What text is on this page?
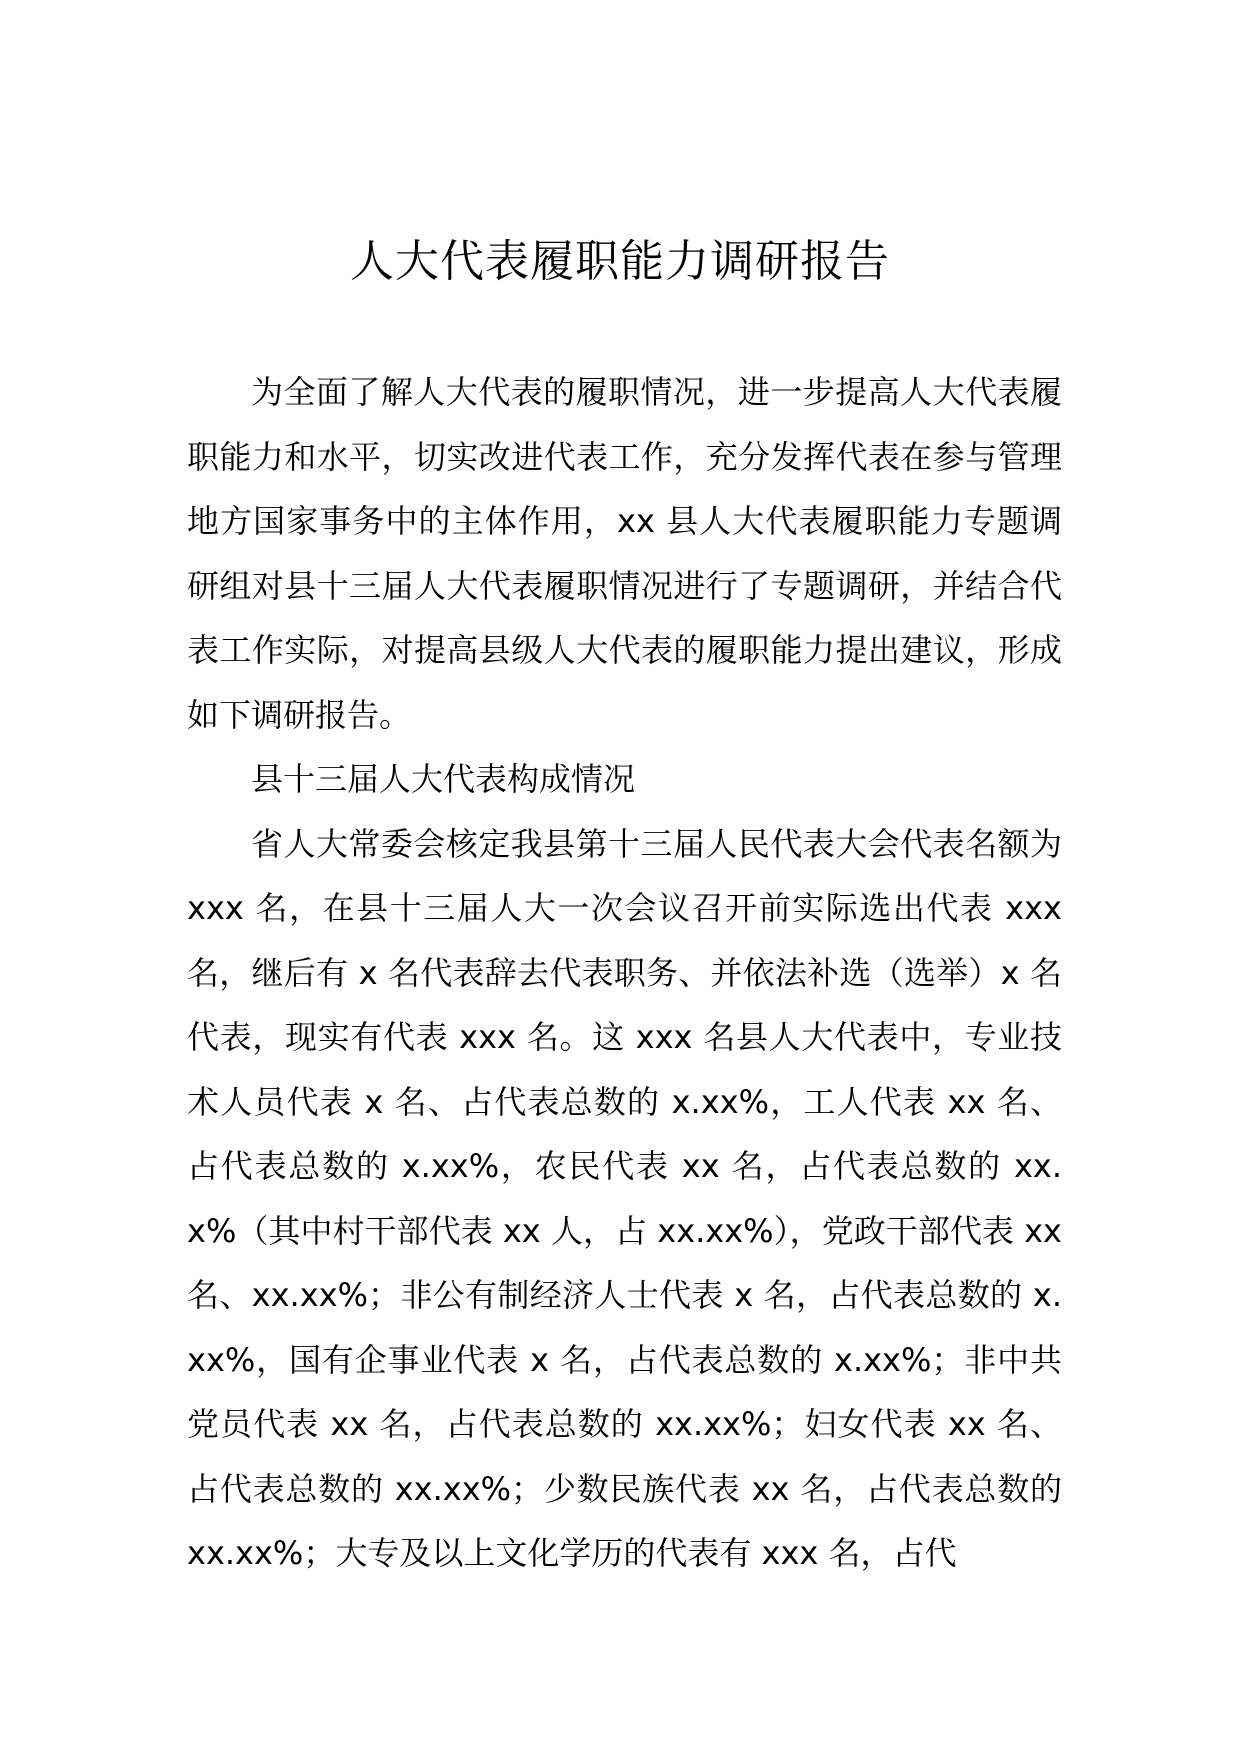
人大代表履职能力调研报告

为全面了解人大代表的履职情况，进一步提高人大代表履职能力和水平，切实改进代表工作，充分发挥代表在参与管理地方国家事务中的主体作用，xx 县人大代表履职能力专题调研组对县十三届人大代表履职情况进行了专题调研，并结合代表工作实际，对提高县级人大代表的履职能力提出建议，形成如下调研报告。

县十三届人大代表构成情况

省人大常委会核定我县第十三届人民代表大会代表名额为 xxx 名，在县十三届人大一次会议召开前实际选出代表 xxx 名，继后有 x 名代表辞去代表职务、并依法补选（选举）x 名代表，现实有代表 xxx 名。这 xxx 名县人大代表中，专业技术人员代表 x 名、占代表总数的 x.xx%，工人代表 xx 名、占代表总数的 x.xx%，农民代表 xx 名，占代表总数的 xx.x%（其中村干部代表 xx 人，占 xx.xx%），党政干部代表 xx 名、xx.xx%；非公有制经济人士代表 x 名，占代表总数的 x.xx%，国有企事业代表 x 名，占代表总数的 x.xx%；非中共党员代表 xx 名，占代表总数的 xx.xx%；妇女代表 xx 名、占代表总数的 xx.xx%；少数民族代表 xx 名，占代表总数的 xx.xx%；大专及以上文化学历的代表有 xxx 名，占代
